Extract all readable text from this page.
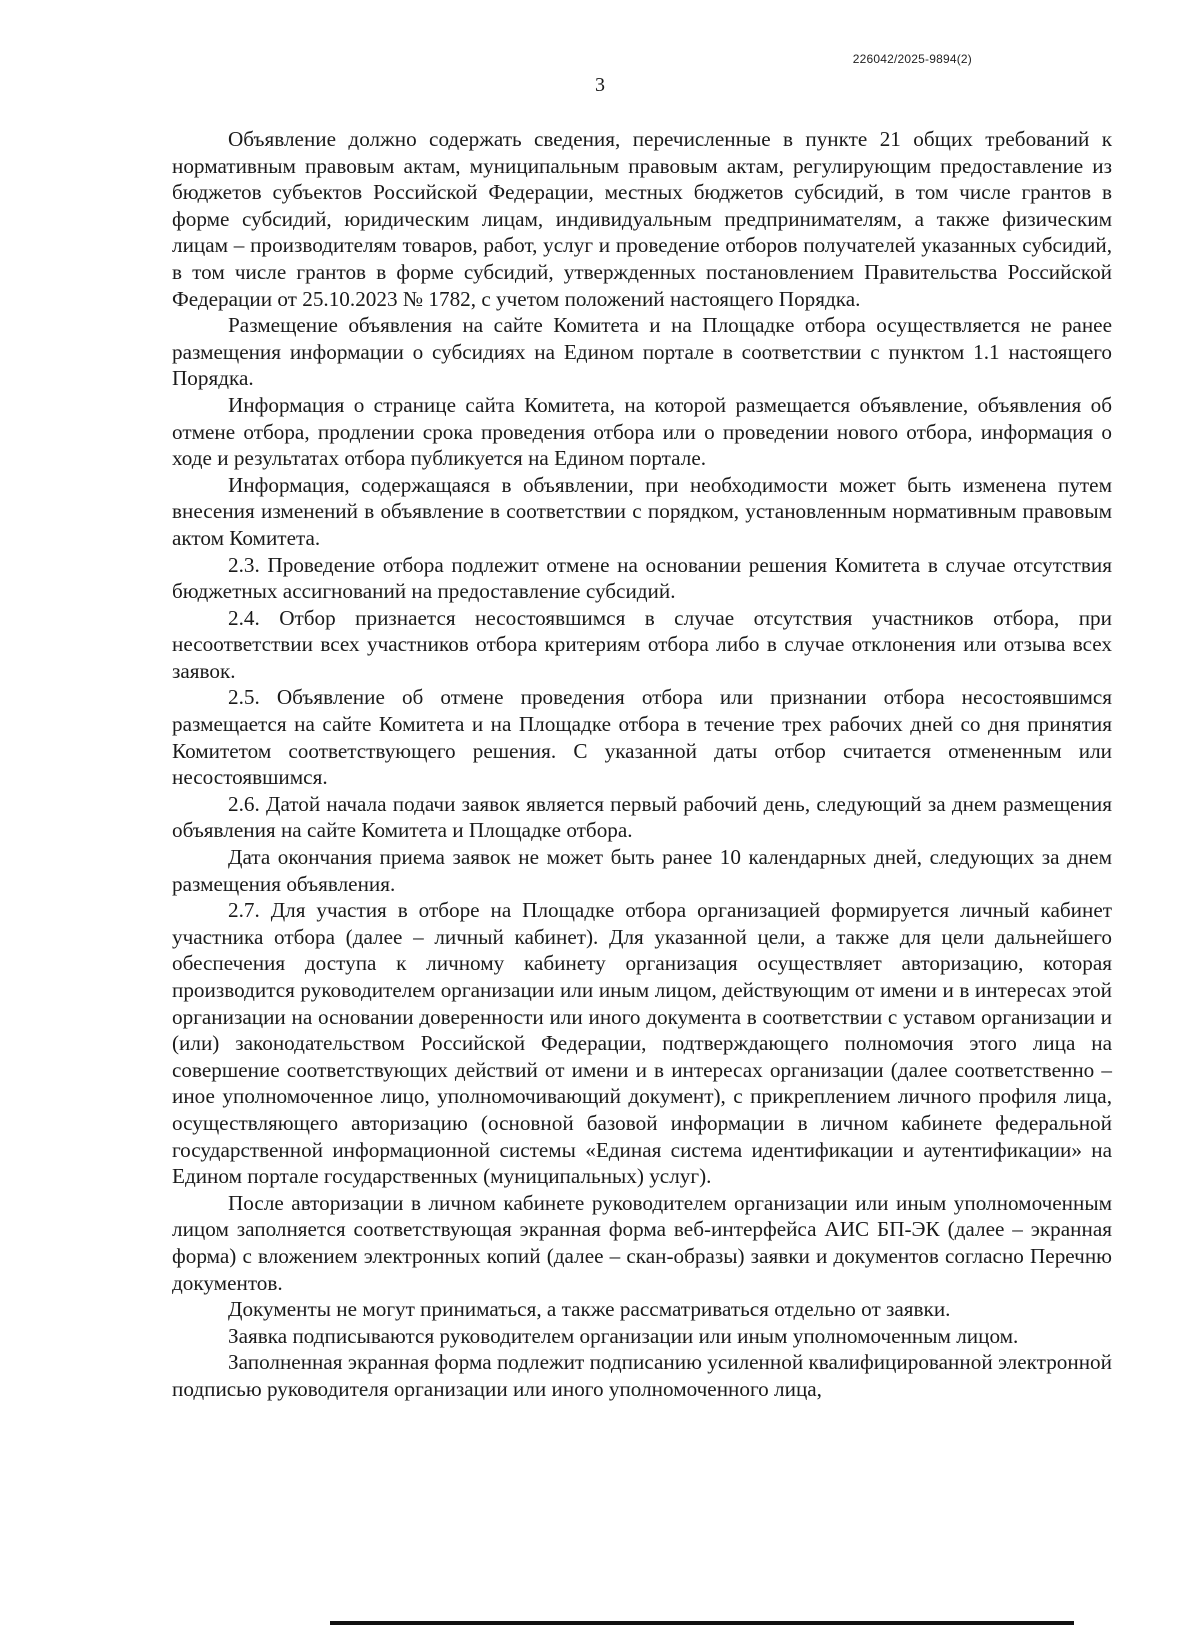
226042/2025-9894(2)
3

Объявление должно содержать сведения, перечисленные в пункте 21 общих требований к нормативным правовым актам, муниципальным правовым актам, регулирующим предоставление из бюджетов субъектов Российской Федерации, местных бюджетов субсидий, в том числе грантов в форме субсидий, юридическим лицам, индивидуальным предпринимателям, а также физическим лицам – производителям товаров, работ, услуг и проведение отборов получателей указанных субсидий, в том числе грантов в форме субсидий, утвержденных постановлением Правительства Российской Федерации от 25.10.2023 № 1782, с учетом положений настоящего Порядка.

Размещение объявления на сайте Комитета и на Площадке отбора осуществляется не ранее размещения информации о субсидиях на Едином портале в соответствии с пунктом 1.1 настоящего Порядка.

Информация о странице сайта Комитета, на которой размещается объявление, объявления об отмене отбора, продлении срока проведения отбора или о проведении нового отбора, информация о ходе и результатах отбора публикуется на Едином портале.

Информация, содержащаяся в объявлении, при необходимости может быть изменена путем внесения изменений в объявление в соответствии с порядком, установленным нормативным правовым актом Комитета.

2.3. Проведение отбора подлежит отмене на основании решения Комитета в случае отсутствия бюджетных ассигнований на предоставление субсидий.

2.4. Отбор признается несостоявшимся в случае отсутствия участников отбора, при несоответствии всех участников отбора критериям отбора либо в случае отклонения или отзыва всех заявок.

2.5. Объявление об отмене проведения отбора или признании отбора несостоявшимся размещается на сайте Комитета и на Площадке отбора в течение трех рабочих дней со дня принятия Комитетом соответствующего решения. С указанной даты отбор считается отмененным или несостоявшимся.

2.6. Датой начала подачи заявок является первый рабочий день, следующий за днем размещения объявления на сайте Комитета и Площадке отбора.

Дата окончания приема заявок не может быть ранее 10 календарных дней, следующих за днем размещения объявления.

2.7. Для участия в отборе на Площадке отбора организацией формируется личный кабинет участника отбора (далее – личный кабинет). Для указанной цели, а также для цели дальнейшего обеспечения доступа к личному кабинету организация осуществляет авторизацию, которая производится руководителем организации или иным лицом, действующим от имени и в интересах этой организации на основании доверенности или иного документа в соответствии с уставом организации и (или) законодательством Российской Федерации, подтверждающего полномочия этого лица на совершение соответствующих действий от имени и в интересах организации (далее соответственно – иное уполномоченное лицо, уполномочивающий документ), с прикреплением личного профиля лица, осуществляющего авторизацию (основной базовой информации в личном кабинете федеральной государственной информационной системы «Единая система идентификации и аутентификации» на Едином портале государственных (муниципальных) услуг).

После авторизации в личном кабинете руководителем организации или иным уполномоченным лицом заполняется соответствующая экранная форма веб-интерфейса АИС БП-ЭК (далее – экранная форма) с вложением электронных копий (далее – скан-образы) заявки и документов согласно Перечню документов.

Документы не могут приниматься, а также рассматриваться отдельно от заявки.

Заявка подписываются руководителем организации или иным уполномоченным лицом.

Заполненная экранная форма подлежит подписанию усиленной квалифицированной электронной подписью руководителя организации или иного уполномоченного лица,
